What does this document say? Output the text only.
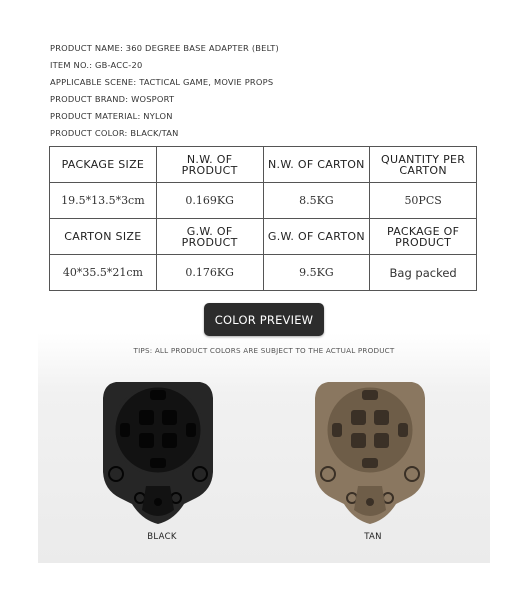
PRODUCT NAME: 360 DEGREE BASE ADAPTER (BELT)
ITEM NO.: GB-ACC-20
APPLICABLE SCENE: TACTICAL GAME, MOVIE PROPS
PRODUCT BRAND: WOSPORT
PRODUCT MATERIAL: NYLON
PRODUCT COLOR: BLACK/TAN
PACKAGE SIZE	N.W. OF PRODUCT	N.W. OF CARTON	QUANTITY PER CARTON
19.5*13.5*3cm	0.169KG	8.5KG	50PCS
CARTON SIZE	G.W. OF PRODUCT	G.W. OF CARTON	PACKAGE OF PRODUCT
40*35.5*21cm	0.176KG	9.5KG	Bag packed
COLOR PREVIEW
TIPS: ALL PRODUCT COLORS ARE SUBJECT TO THE ACTUAL PRODUCT
BLACK	TAN
